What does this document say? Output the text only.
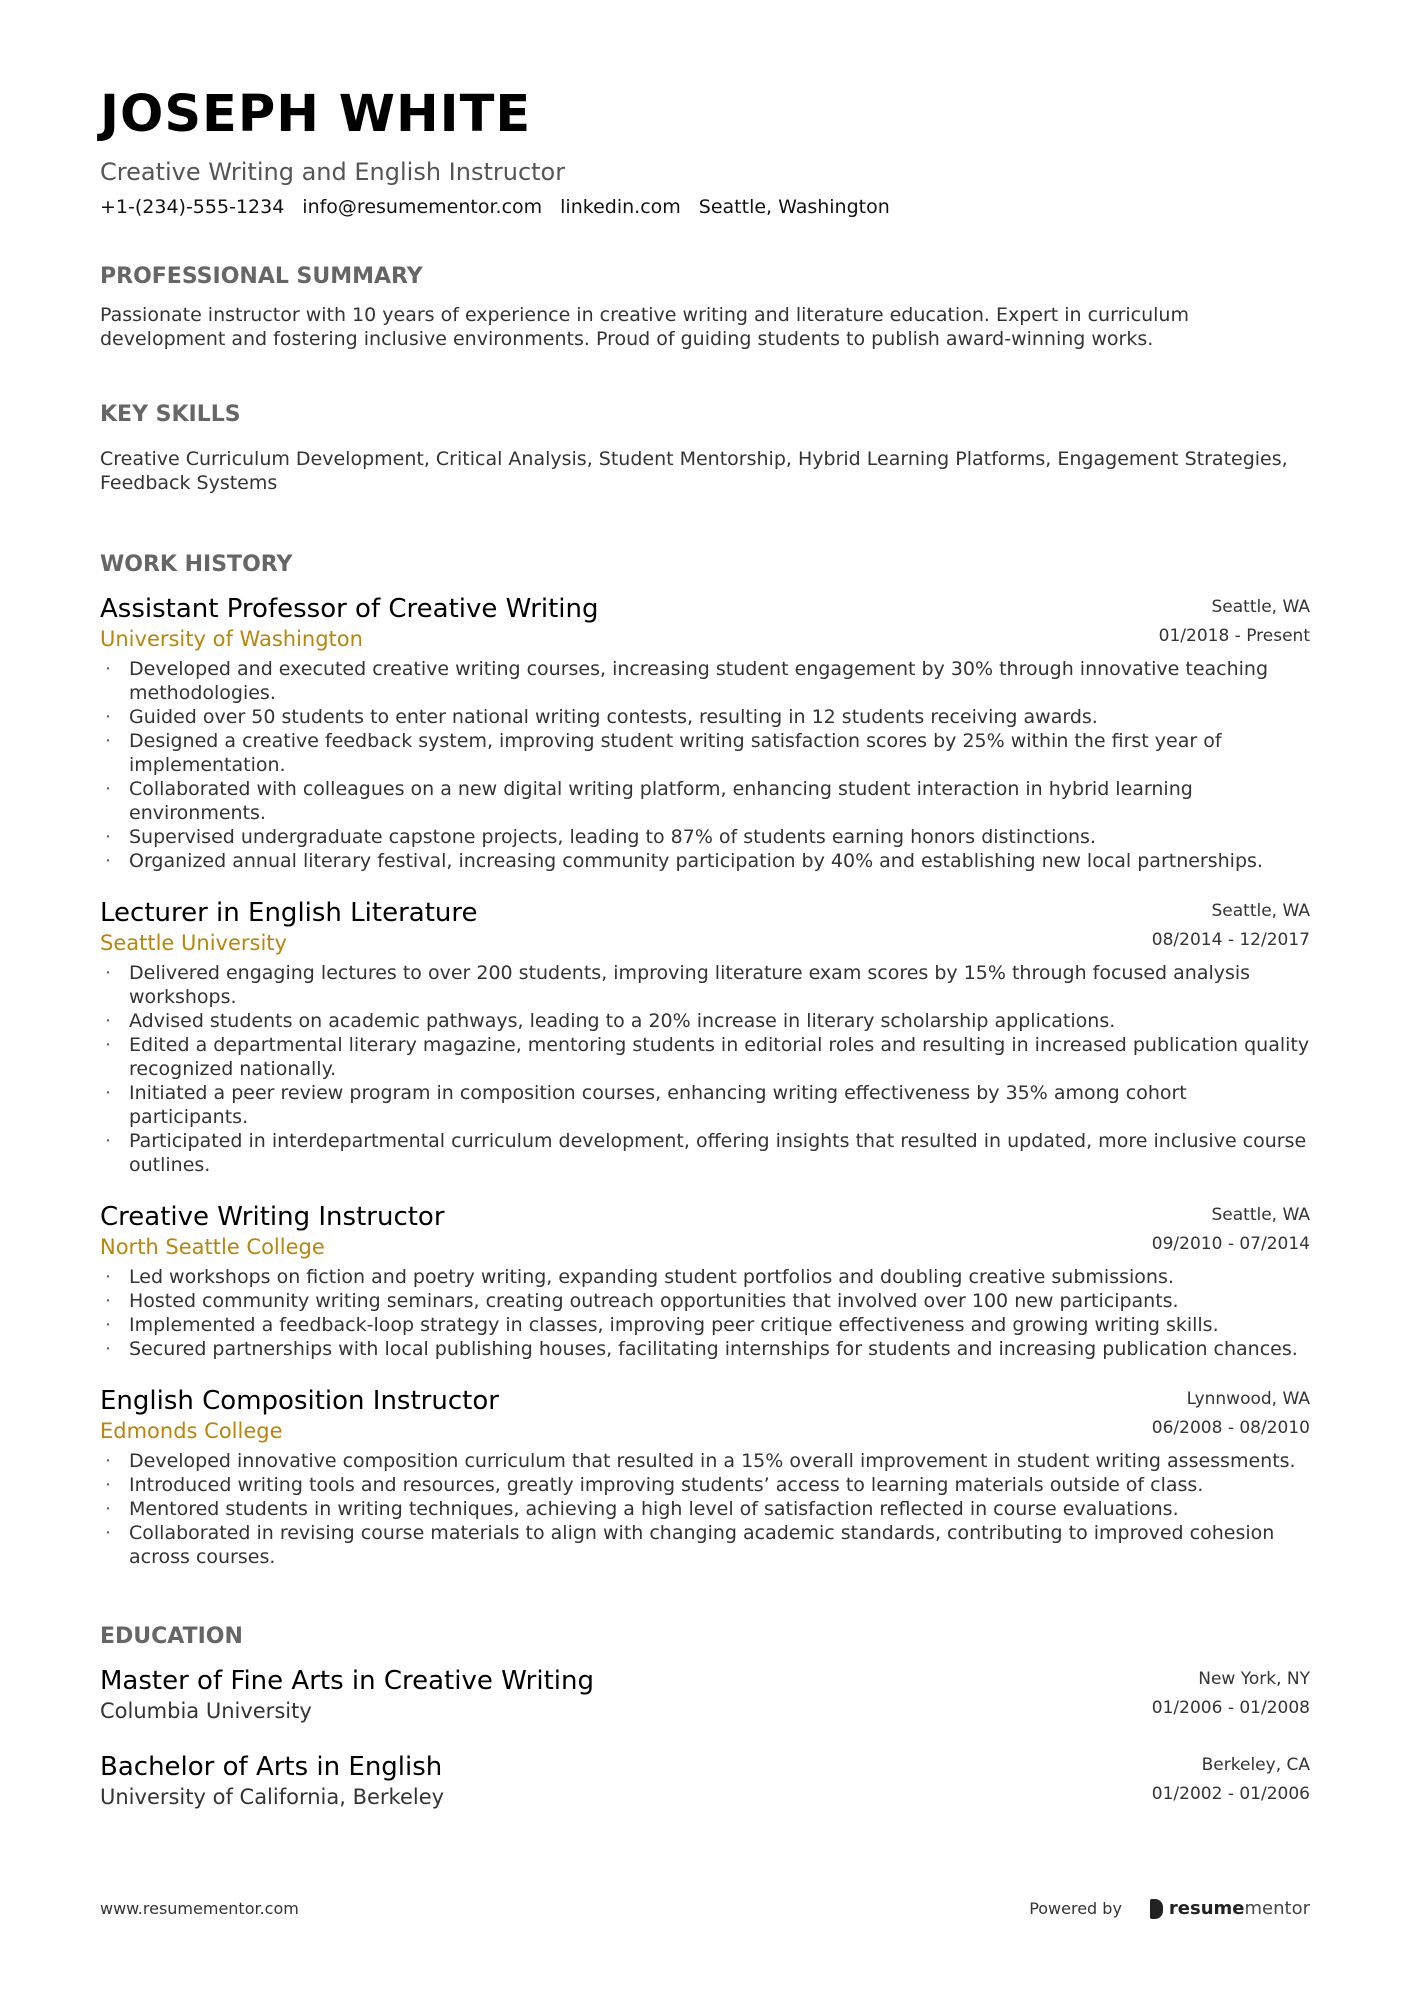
JOSEPH WHITE
Creative Writing and English Instructor
+1-(234)-555-1234 info@resumementor.com linkedin.com Seattle, Washington
PROFESSIONAL SUMMARY
Passionate instructor with 10 years of experience in creative writing and literature education. Expert in curriculum development and fostering inclusive environments. Proud of guiding students to publish award-winning works.
KEY SKILLS
Creative Curriculum Development, Critical Analysis, Student Mentorship, Hybrid Learning Platforms, Engagement Strategies, Feedback Systems
WORK HISTORY
Assistant Professor of Creative Writing
University of Washington
Seattle, WA
01/2018 - Present
· Developed and executed creative writing courses, increasing student engagement by 30% through innovative teaching methodologies.
· Guided over 50 students to enter national writing contests, resulting in 12 students receiving awards.
· Designed a creative feedback system, improving student writing satisfaction scores by 25% within the first year of implementation.
· Collaborated with colleagues on a new digital writing platform, enhancing student interaction in hybrid learning environments.
· Supervised undergraduate capstone projects, leading to 87% of students earning honors distinctions.
· Organized annual literary festival, increasing community participation by 40% and establishing new local partnerships.
Lecturer in English Literature
Seattle University
Seattle, WA
08/2014 - 12/2017
· Delivered engaging lectures to over 200 students, improving literature exam scores by 15% through focused analysis workshops.
· Advised students on academic pathways, leading to a 20% increase in literary scholarship applications.
· Edited a departmental literary magazine, mentoring students in editorial roles and resulting in increased publication quality recognized nationally.
· Initiated a peer review program in composition courses, enhancing writing effectiveness by 35% among cohort participants.
· Participated in interdepartmental curriculum development, offering insights that resulted in updated, more inclusive course outlines.
Creative Writing Instructor
North Seattle College
Seattle, WA
09/2010 - 07/2014
· Led workshops on fiction and poetry writing, expanding student portfolios and doubling creative submissions.
· Hosted community writing seminars, creating outreach opportunities that involved over 100 new participants.
· Implemented a feedback-loop strategy in classes, improving peer critique effectiveness and growing writing skills.
· Secured partnerships with local publishing houses, facilitating internships for students and increasing publication chances.
English Composition Instructor
Edmonds College
Lynnwood, WA
06/2008 - 08/2010
· Developed innovative composition curriculum that resulted in a 15% overall improvement in student writing assessments.
· Introduced writing tools and resources, greatly improving students’ access to learning materials outside of class.
· Mentored students in writing techniques, achieving a high level of satisfaction reflected in course evaluations.
· Collaborated in revising course materials to align with changing academic standards, contributing to improved cohesion across courses.
EDUCATION
Master of Fine Arts in Creative Writing
Columbia University
New York, NY
01/2006 - 01/2008
Bachelor of Arts in English
University of California, Berkeley
Berkeley, CA
01/2002 - 01/2006
www.resumementor.com	Powered by	resumementor
